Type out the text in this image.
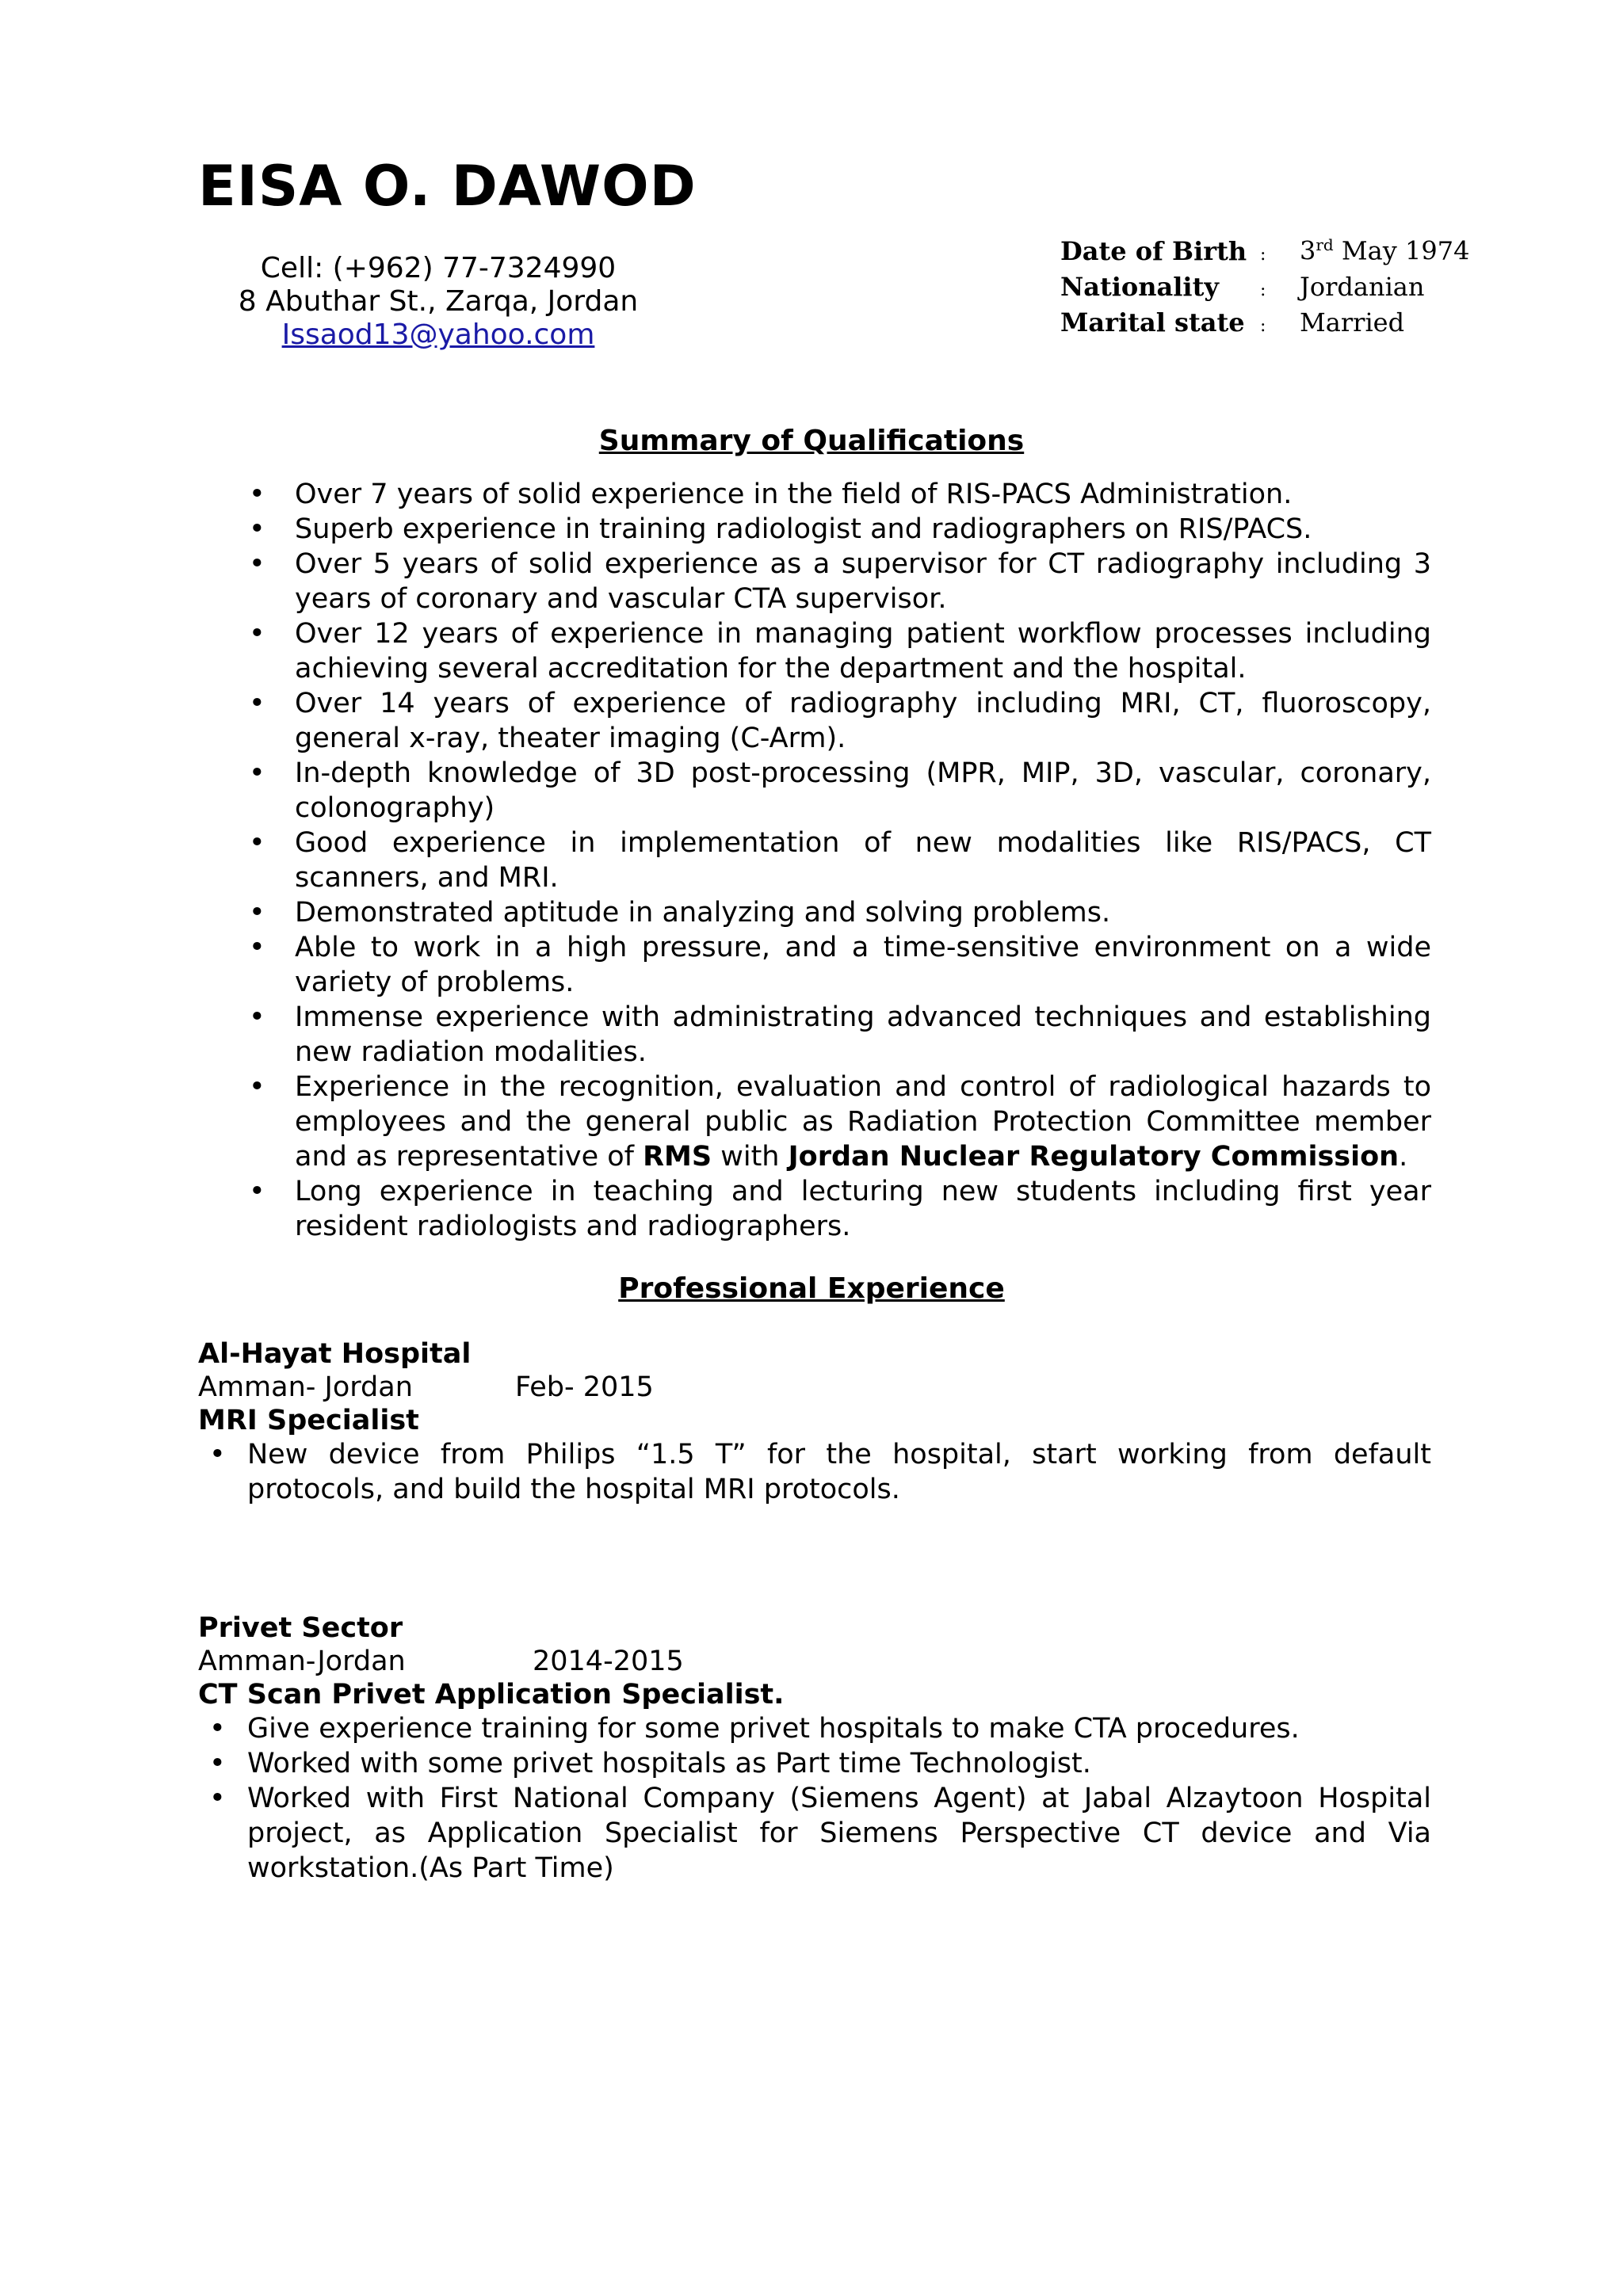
EISA O. DAWOD
Cell: (+962) 77-7324990
8 Abuthar St., Zarqa, Jordan
Issaod13@yahoo.com
Date of Birth :	3rd May 1974
Nationality	:	Jordanian
Marital state :	Married
Summary of Qualifications
• Over 7 years of solid experience in the field of RIS-PACS Administration.
• Superb experience in training radiologist and radiographers on RIS/PACS.
• Over 5 years of solid experience as a supervisor for CT radiography including 3 years of coronary and vascular CTA supervisor.
• Over 12 years of experience in managing patient workflow processes including achieving several accreditation for the department and the hospital.
• Over 14 years of experience of radiography including MRI, CT, fluoroscopy, general x-ray, theater imaging (C-Arm).
• In-depth knowledge of 3D post-processing (MPR, MIP, 3D, vascular, coronary, colonography)
• Good experience in implementation of new modalities like RIS/PACS, CT scanners, and MRI.
• Demonstrated aptitude in analyzing and solving problems.
• Able to work in a high pressure, and a time-sensitive environment on a wide variety of problems.
• Immense experience with administrating advanced techniques and establishing new radiation modalities.
• Experience in the recognition, evaluation and control of radiological hazards to employees and the general public as Radiation Protection Committee member and as representative of RMS with Jordan Nuclear Regulatory Commission.
• Long experience in teaching and lecturing new students including first year resident radiologists and radiographers.
Professional Experience
Al-Hayat Hospital
Amman- Jordan	Feb- 2015
MRI Specialist
• New device from Philips “1.5 T” for the hospital, start working from default protocols, and build the hospital MRI protocols.
Privet Sector
Amman-Jordan	2014-2015
CT Scan Privet Application Specialist.
• Give experience training for some privet hospitals to make CTA procedures.
• Worked with some privet hospitals as Part time Technologist.
• Worked with First National Company (Siemens Agent) at Jabal Alzaytoon Hospital project, as Application Specialist for Siemens Perspective CT device and Via workstation.(As Part Time)
